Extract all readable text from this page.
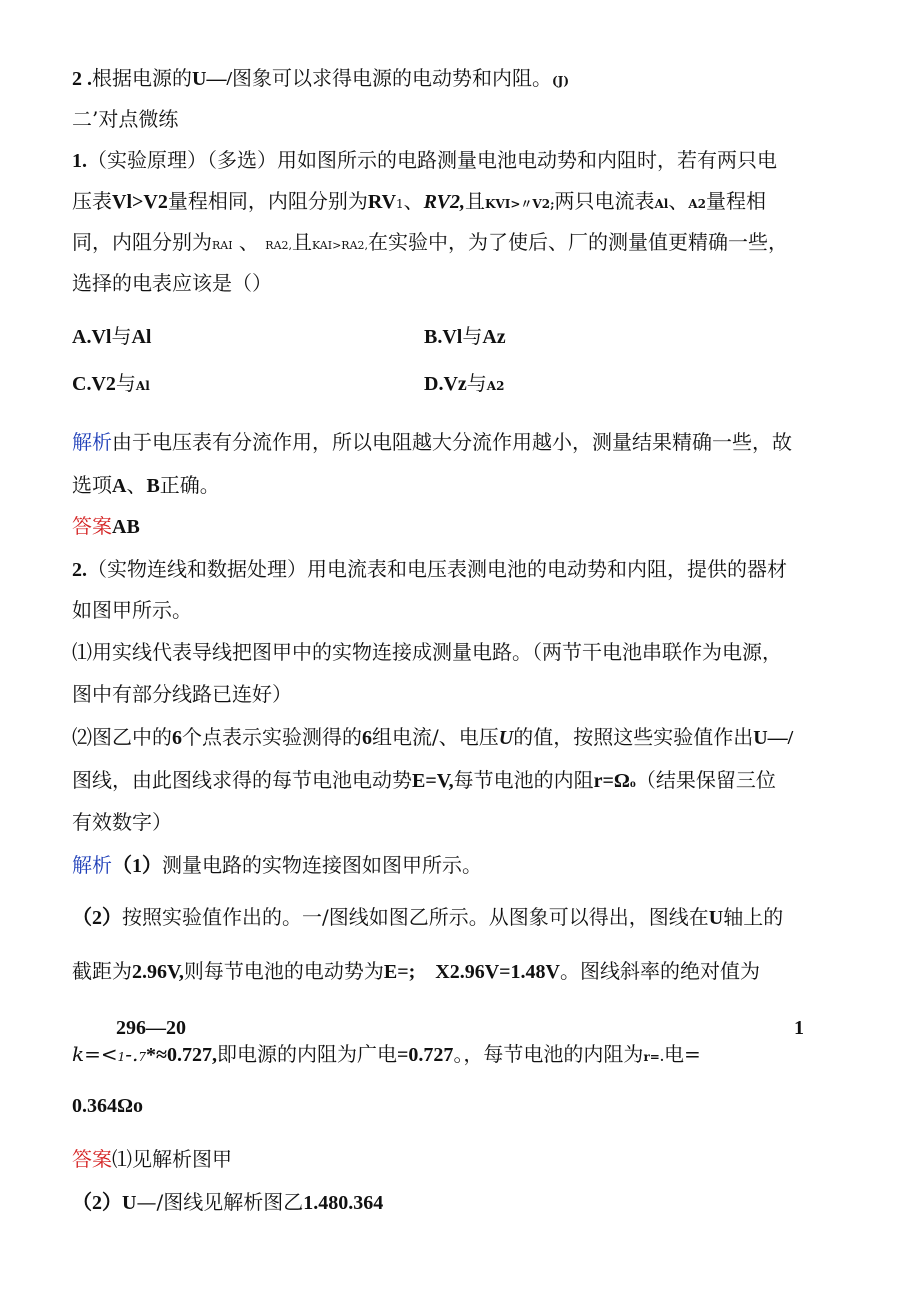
2 .根据电源的U—/图象可以求得电源的电动势和内阻。(J)
二’对点微练
1.（实验原理）（多选）用如图所示的电路测量电池电动势和内阻时，若有两只电
压表Vl>V2量程相同，内阻分别为RV1、RV2,且KVI>〃V2;两只电流表Al、A2量程相
同，内阻分别为RAI 、 RA2,且KAI>RA2,在实验中，为了使后、厂的测量值更精确一些，
选择的电表应该是（）
A.Vl与Al	B.Vl与Az
C.V2与Al	D.Vz与A2
解析由于电压表有分流作用，所以电阻越大分流作用越小，测量结果精确一些，故
选项A、B正确。
答案AB
2.（实物连线和数据处理）用电流表和电压表测电池的电动势和内阻，提供的器材
如图甲所示。
⑴用实线代表导线把图甲中的实物连接成测量电路。（两节干电池串联作为电源，
图中有部分线路已连好）
⑵图乙中的6个点表示实验测得的6组电流/、电压U的值，按照这些实验值作出U—/
图线，由此图线求得的每节电池电动势E=V,每节电池的内阻r=Ωo（结果保留三位
有效数字）
解析（1）测量电路的实物连接图如图甲所示。
（2）按照实验值作出的。一/图线如图乙所示。从图象可以得出，图线在U轴上的
截距为2.96V,则每节电池的电动势为E=;　X2.96V=1.48V。图线斜率的绝对值为
296—20	1
k=<1-.7*≈0.727,即电源的内阻为广电=0.727。，每节电池的内阻为r=.电=
0.364Ωo
答案⑴见解析图甲
（2）U—/图线见解析图乙1.480.364
